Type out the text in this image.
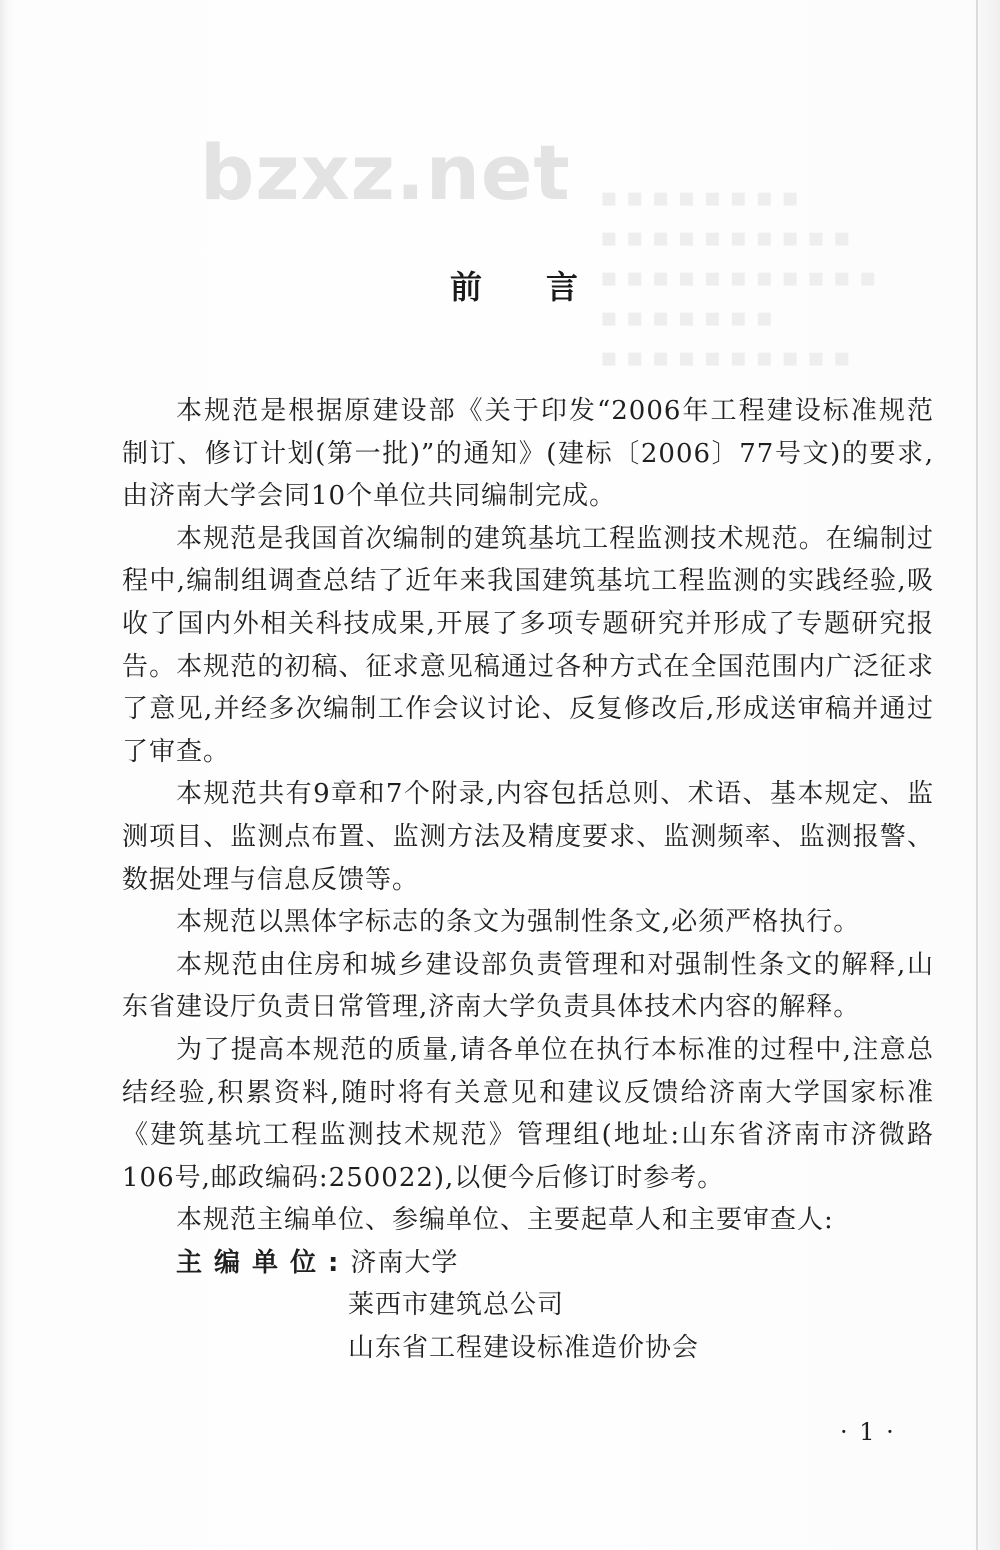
bzxz.net ▪ ▪ ▪ ▪ ▪ ▪ ▪ ▪
▪ ▪ ▪ ▪ ▪ ▪ ▪ ▪ ▪ ▪
▪ ▪ ▪ ▪ ▪ ▪ ▪ ▪ ▪ ▪ ▪
▪ ▪ ▪ ▪ ▪ ▪ ▪
▪ ▪ ▪ ▪ ▪ ▪ ▪ ▪ ▪ ▪
前言

本规范是根据原建设部《关于印发“2006年工程建设标准规范制订、修订计划(第一批)”的通知》(建标〔2006〕77号文)的要求,由济南大学会同10个单位共同编制完成。

本规范是我国首次编制的建筑基坑工程监测技术规范。在编制过程中,编制组调查总结了近年来我国建筑基坑工程监测的实践经验,吸收了国内外相关科技成果,开展了多项专题研究并形成了专题研究报告。本规范的初稿、征求意见稿通过各种方式在全国范围内广泛征求了意见,并经多次编制工作会议讨论、反复修改后,形成送审稿并通过了审查。

本规范共有9章和7个附录,内容包括总则、术语、基本规定、监测项目、监测点布置、监测方法及精度要求、监测频率、监测报警、数据处理与信息反馈等。

本规范以黑体字标志的条文为强制性条文,必须严格执行。

本规范由住房和城乡建设部负责管理和对强制性条文的解释,山东省建设厅负责日常管理,济南大学负责具体技术内容的解释。

为了提高本规范的质量,请各单位在执行本标准的过程中,注意总结经验,积累资料,随时将有关意见和建议反馈给济南大学国家标准《建筑基坑工程监测技术规范》管理组(地址:山东省济南市济微路106号,邮政编码:250022),以便今后修订时参考。

本规范主编单位、参编单位、主要起草人和主要审查人:

主编单位:济南大学
莱西市建筑总公司
山东省工程建设标准造价协会
· 1 ·
